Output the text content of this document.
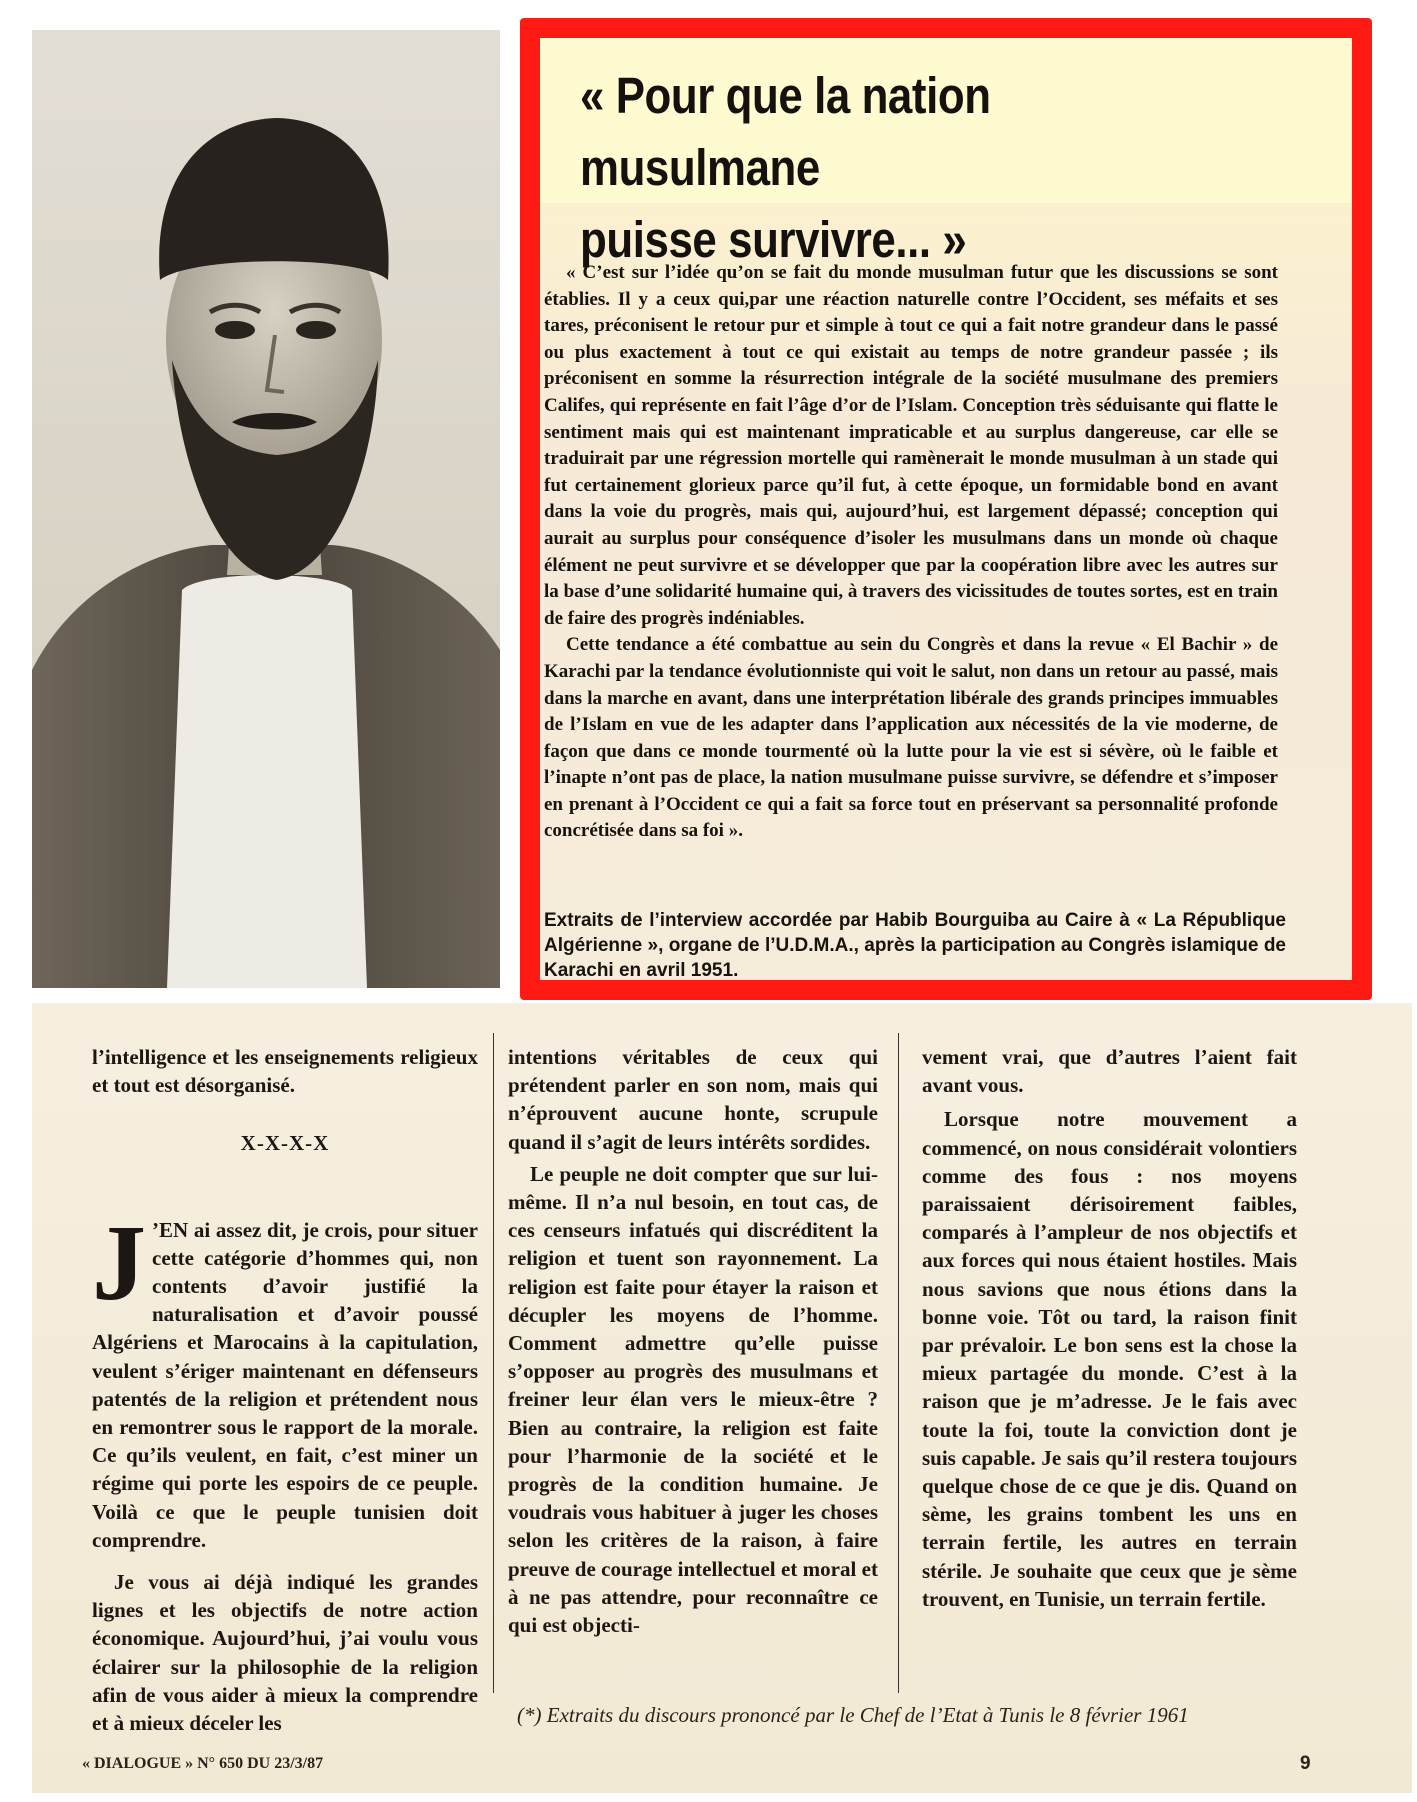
« Pour que la nation musulmane
puisse survivre... »

« C’est sur l’idée qu’on se fait du monde musulman futur que les discussions se sont établies. Il y a ceux qui,par une réaction naturelle contre l’Occident, ses méfaits et ses tares, préconisent le retour pur et simple à tout ce qui a fait notre grandeur dans le passé ou plus exactement à tout ce qui existait au temps de notre grandeur passée ; ils préconisent en somme la résurrection intégrale de la société musulmane des premiers Califes, qui représente en fait l’âge d’or de l’Islam. Conception très séduisante qui flatte le sentiment mais qui est maintenant impraticable et au surplus dangereuse, car elle se traduirait par une régression mortelle qui ramènerait le monde musulman à un stade qui fut certainement glorieux parce qu’il fut, à cette époque, un formidable bond en avant dans la voie du progrès, mais qui, aujourd’hui, est largement dépassé; conception qui aurait au surplus pour conséquence d’isoler les musulmans dans un monde où chaque élément ne peut survivre et se développer que par la coopération libre avec les autres sur la base d’une solidarité humaine qui, à travers des vicissitudes de toutes sortes, est en train de faire des progrès indéniables.

Cette tendance a été combattue au sein du Congrès et dans la revue « El Bachir » de Karachi par la tendance évolutionniste qui voit le salut, non dans un retour au passé, mais dans la marche en avant, dans une interprétation libérale des grands principes immuables de l’Islam en vue de les adapter dans l’application aux nécessités de la vie moderne, de façon que dans ce monde tourmenté où la lutte pour la vie est si sévère, où le faible et l’inapte n’ont pas de place, la nation musulmane puisse survivre, se défendre et s’imposer en prenant à l’Occident ce qui a fait sa force tout en préservant sa personnalité profonde concrétisée dans sa foi ».

Extraits de l’interview accordée par Habib Bourguiba au Caire à « La République Algérienne », organe de l’U.D.M.A., après la participation au Congrès islamique de Karachi en avril 1951.

l’intelligence et les enseignements religieux et tout est désorganisé.

X-X-X-X

J ’EN ai assez dit, je crois, pour situer cette catégorie d’hommes qui, non contents d’avoir justifié la naturalisation et d’avoir poussé Algériens et Marocains à la capitulation, veulent s’ériger maintenant en défenseurs patentés de la religion et prétendent nous en remontrer sous le rapport de la morale. Ce qu’ils veulent, en fait, c’est miner un régime qui porte les espoirs de ce peuple. Voilà ce que le peuple tunisien doit comprendre.

Je vous ai déjà indiqué les grandes lignes et les objectifs de notre action économique. Aujourd’hui, j’ai voulu vous éclairer sur la philosophie de la religion afin de vous aider à mieux la comprendre et à mieux déceler les

intentions véritables de ceux qui prétendent parler en son nom, mais qui n’éprouvent aucune honte, scrupule quand il s’agit de leurs intérêts sordides.

Le peuple ne doit compter que sur lui-même. Il n’a nul besoin, en tout cas, de ces censeurs infatués qui discréditent la religion et tuent son rayonnement. La religion est faite pour étayer la raison et décupler les moyens de l’homme. Comment admettre qu’elle puisse s’opposer au progrès des musulmans et freiner leur élan vers le mieux-être ? Bien au contraire, la religion est faite pour l’harmonie de la société et le progrès de la condition humaine. Je voudrais vous habituer à juger les choses selon les critères de la raison, à faire preuve de courage intellectuel et moral et à ne pas attendre, pour reconnaître ce qui est objecti-

vement vrai, que d’autres l’aient fait avant vous.

Lorsque notre mouvement a commencé, on nous considérait volontiers comme des fous : nos moyens paraissaient dérisoirement faibles, comparés à l’ampleur de nos objectifs et aux forces qui nous étaient hostiles. Mais nous savions que nous étions dans la bonne voie. Tôt ou tard, la raison finit par prévaloir. Le bon sens est la chose la mieux partagée du monde. C’est à la raison que je m’adresse. Je le fais avec toute la foi, toute la conviction dont je suis capable. Je sais qu’il restera toujours quelque chose de ce que je dis. Quand on sème, les grains tombent les uns en terrain fertile, les autres en terrain stérile. Je souhaite que ceux que je sème trouvent, en Tunisie, un terrain fertile.

(*) Extraits du discours prononcé par le Chef de l’Etat à Tunis le 8 février 1961
« DIALOGUE » N° 650 DU 23/3/87	9
